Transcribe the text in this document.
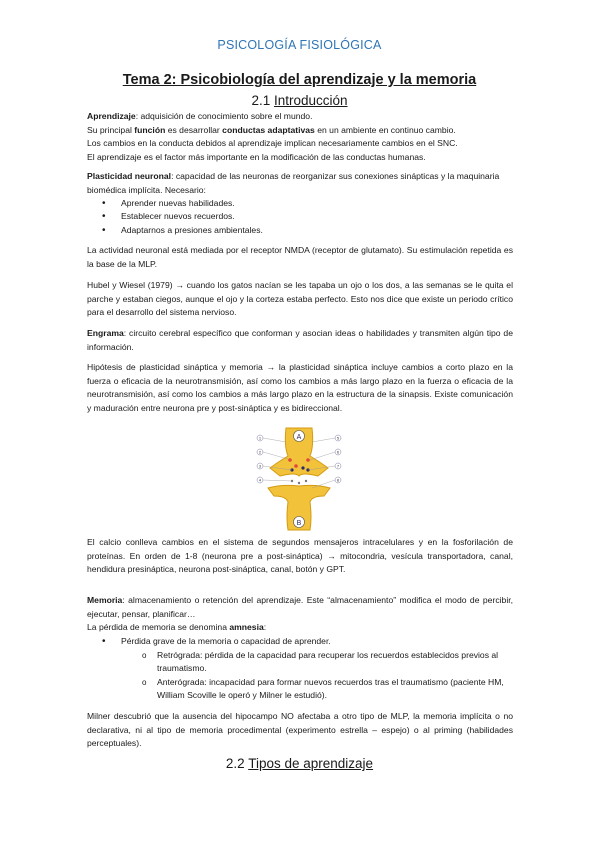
PSICOLOGÍA FISIOLÓGICA
Tema 2: Psicobiología del aprendizaje y la memoria
2.1 Introducción
Aprendizaje: adquisición de conocimiento sobre el mundo.
Su principal función es desarrollar conductas adaptativas en un ambiente en continuo cambio.
Los cambios en la conducta debidos al aprendizaje implican necesariamente cambios en el SNC.
El aprendizaje es el factor más importante en la modificación de las conductas humanas.
Plasticidad neuronal: capacidad de las neuronas de reorganizar sus conexiones sinápticas y la maquinaria biomédica implícita. Necesario:
• Aprender nuevas habilidades.
• Establecer nuevos recuerdos.
• Adaptarnos a presiones ambientales.

La actividad neuronal está mediada por el receptor NMDA (receptor de glutamato). Su estimulación repetida es la base de la MLP.

Hubel y Wiesel (1979) → cuando los gatos nacían se les tapaba un ojo o los dos, a las semanas se le quita el parche y estaban ciegos, aunque el ojo y la corteza estaba perfecto. Esto nos dice que existe un periodo crítico para el desarrollo del sistema nervioso.

Engrama: circuito cerebral específico que conforman y asocian ideas o habilidades y transmiten algún tipo de información.

Hipótesis de plasticidad sináptica y memoria → la plasticidad sináptica incluye cambios a corto plazo en la fuerza o eficacia de la neurotransmisión, así como los cambios a más largo plazo en la fuerza o eficacia de la neurotransmisión, así como los cambios a más largo plazo en la estructura de la sinapsis. Existe comunicación y maduración entre neurona pre y post-sináptica y es bidireccional.

A
B
1
2
3
4
5
6
7
8

El calcio conlleva cambios en el sistema de segundos mensajeros intracelulares y en la fosforilación de proteínas. En orden de 1-8 (neurona pre a post-sináptica) → mitocondria, vesícula transportadora, canal, hendidura presináptica, neurona post-sináptica, canal, botón y GPT.

Memoria: almacenamiento o retención del aprendizaje. Este “almacenamiento” modifica el modo de percibir, ejecutar, pensar, planificar…
La pérdida de memoria se denomina amnesia:
• Pérdida grave de la memoria o capacidad de aprender.
o Retrógrada: pérdida de la capacidad para recuperar los recuerdos establecidos previos al traumatismo.
o Anterógrada: incapacidad para formar nuevos recuerdos tras el traumatismo (paciente HM, William Scoville le operó y Milner le estudió).

Milner descubrió que la ausencia del hipocampo NO afectaba a otro tipo de MLP, la memoria implícita o no declarativa, ni al tipo de memoria procedimental (experimento estrella – espejo) o al priming (habilidades perceptuales).

2.2 Tipos de aprendizaje
